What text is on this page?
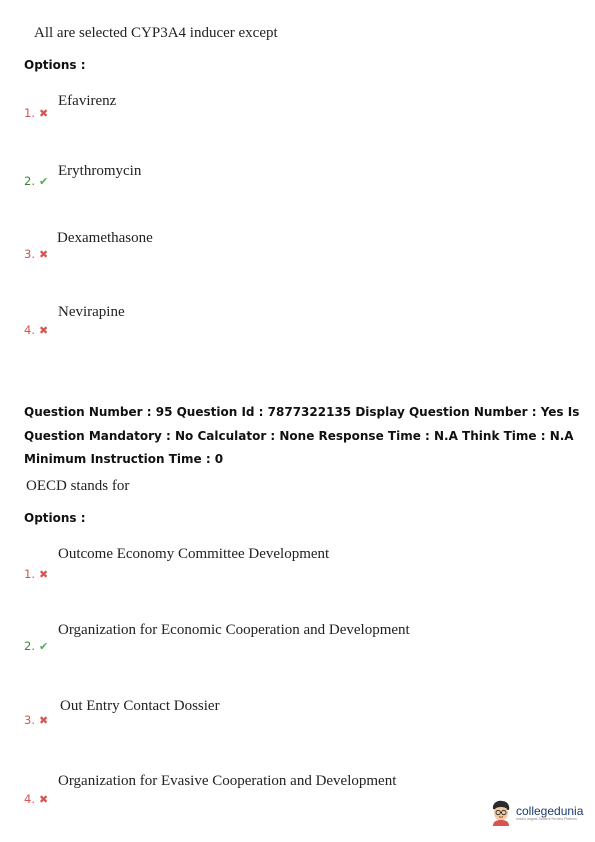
All are selected CYP3A4 inducer except
Options :
Efavirenz
1. ✖
Erythromycin
2. ✔
Dexamethasone
3. ✖
Nevirapine
4. ✖
Question Number : 95 Question Id : 7877322135 Display Question Number : Yes Is Question Mandatory : No Calculator : None Response Time : N.A Think Time : N.A Minimum Instruction Time : 0
OECD stands for
Options :
Outcome Economy Committee Development
1. ✖
Organization for Economic Cooperation and Development
2. ✔
Out Entry Contact Dossier
3. ✖
Organization for Evasive Cooperation and Development
4. ✖
collegedunia
India's largest Student Review Platform
